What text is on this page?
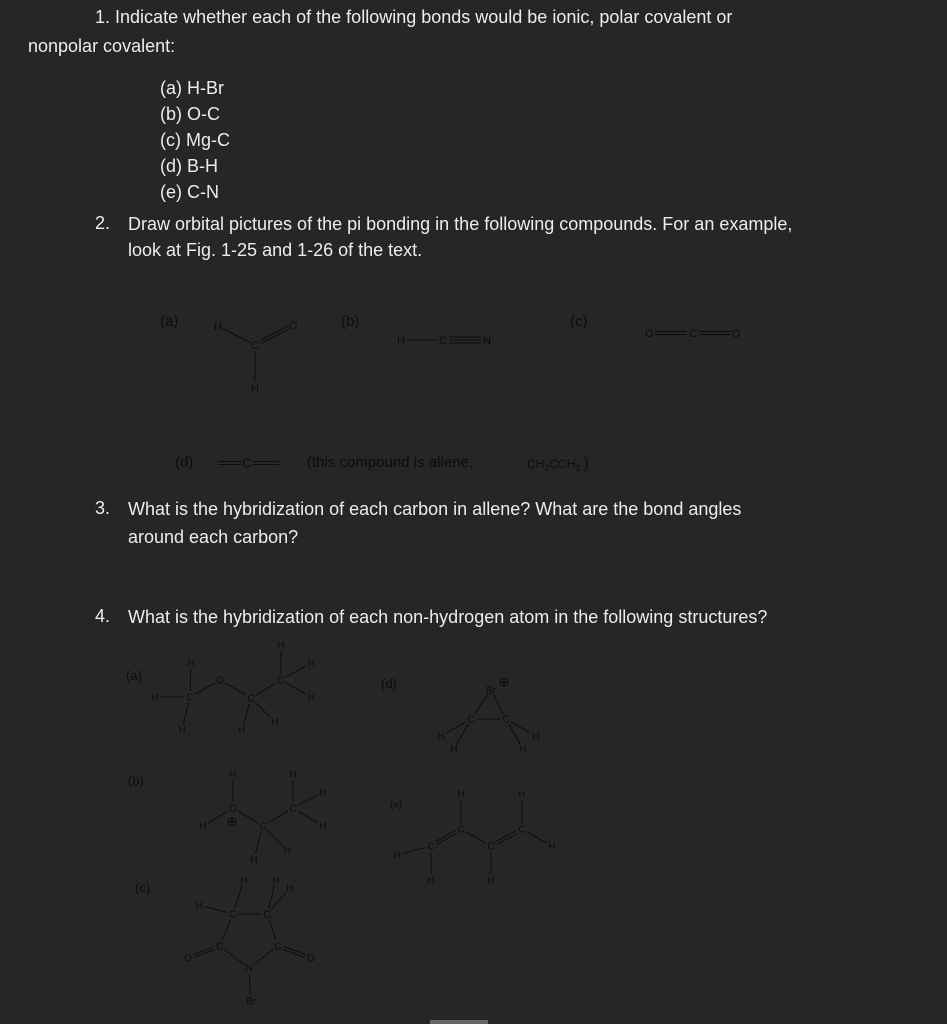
1. Indicate whether each of the following bonds would be ionic, polar covalent or
nonpolar covalent:
(a) H-Br
(b) O-C
(c) Mg-C
(d) B-H
(e) C-N
2. Draw orbital pictures of the pi bonding in the following compounds. For an example,
look at Fig. 1-25 and 1-26 of the text.
(a)	(b)	(c)
(d)	(this compound is allene,	$CH_2CCH_2$ )
3. What is the hybridization of each carbon in allene? What are the bond angles
around each carbon?
4. What is the hybridization of each non-hydrogen atom in the following structures?
(a)
(b)
(c)
(d)
(e)
H
C
O
H
H	C	N
O	C	O
C
H	C
O
C
C
H
H
H
H
H
H
H
H
O
H	C
C
H
H
H
H
H
H
C	C
H H
H
C	C
O	O
N
Br
Br
C	C
H
H
H
H
H
C
C
C
C
H	H
H
H	H
